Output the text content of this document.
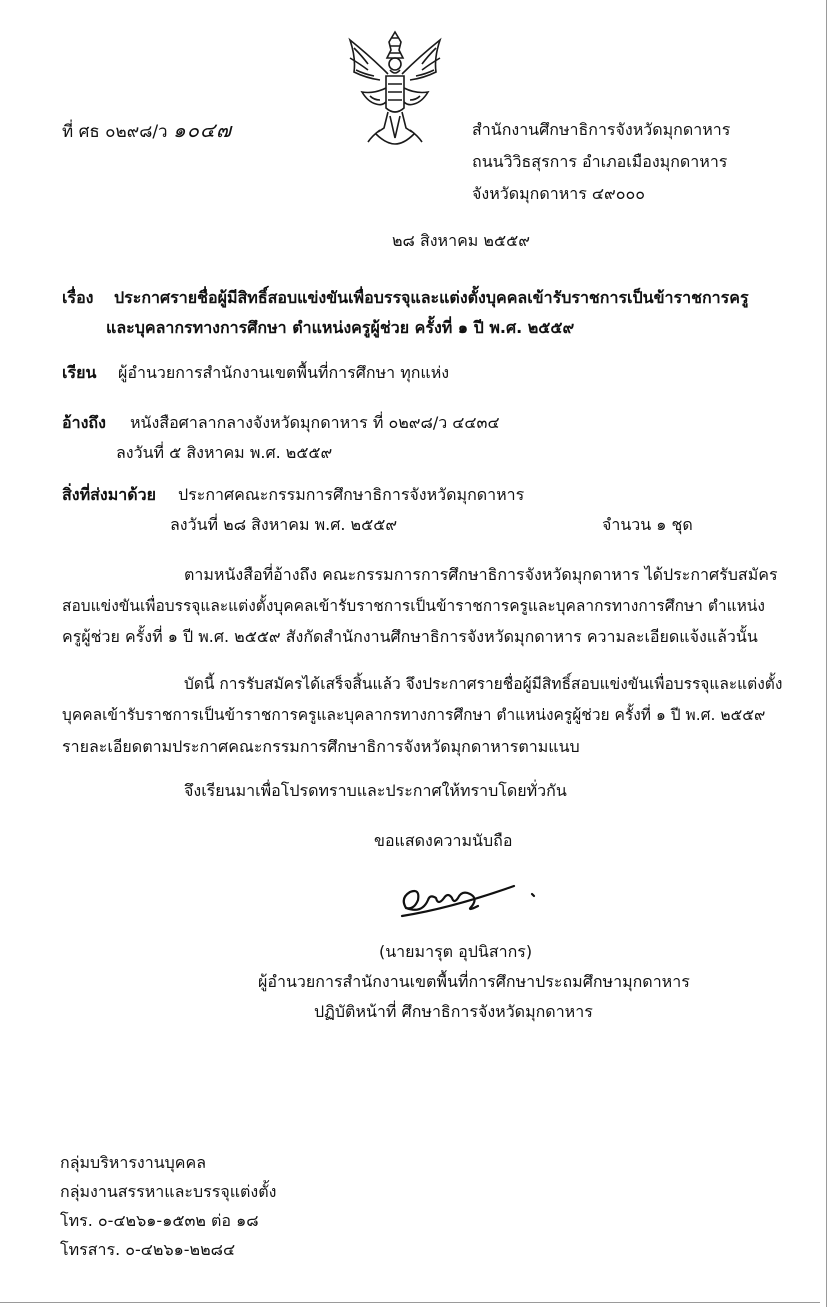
ที่ ศธ ๐๒๙๘/ว ๑๐๔๗	สำนักงานศึกษาธิการจังหวัดมุกดาหาร
ถนนวิวิธสุรการ อำเภอเมืองมุกดาหาร
จังหวัดมุกดาหาร ๔๙๐๐๐
๒๘ สิงหาคม ๒๕๕๙
เรื่อง ประกาศรายชื่อผู้มีสิทธิ์สอบแข่งขันเพื่อบรรจุและแต่งตั้งบุคคลเข้ารับราชการเป็นข้าราชการครู
และบุคลากรทางการศึกษา ตำแหน่งครูผู้ช่วย ครั้งที่ ๑ ปี พ.ศ. ๒๕๕๙
เรียน ผู้อำนวยการสำนักงานเขตพื้นที่การศึกษา ทุกแห่ง
อ้างถึง หนังสือศาลากลางจังหวัดมุกดาหาร ที่ ๐๒๙๘/ว ๔๔๓๔
ลงวันที่ ๕ สิงหาคม พ.ศ. ๒๕๕๙
สิ่งที่ส่งมาด้วย ประกาศคณะกรรมการศึกษาธิการจังหวัดมุกดาหาร
ลงวันที่ ๒๘ สิงหาคม พ.ศ. ๒๕๕๙	จำนวน ๑ ชุด
ตามหนังสือที่อ้างถึง คณะกรรมการการศึกษาธิการจังหวัดมุกดาหาร ได้ประกาศรับสมัคร
สอบแข่งขันเพื่อบรรจุและแต่งตั้งบุคคลเข้ารับราชการเป็นข้าราชการครูและบุคลากรทางการศึกษา ตำแหน่ง
ครูผู้ช่วย ครั้งที่ ๑ ปี พ.ศ. ๒๕๕๙ สังกัดสำนักงานศึกษาธิการจังหวัดมุกดาหาร ความละเอียดแจ้งแล้วนั้น
บัดนี้ การรับสมัครได้เสร็จสิ้นแล้ว จึงประกาศรายชื่อผู้มีสิทธิ์สอบแข่งขันเพื่อบรรจุและแต่งตั้ง
บุคคลเข้ารับราชการเป็นข้าราชการครูและบุคลากรทางการศึกษา ตำแหน่งครูผู้ช่วย ครั้งที่ ๑ ปี พ.ศ. ๒๕๕๙
รายละเอียดตามประกาศคณะกรรมการศึกษาธิการจังหวัดมุกดาหารตามแนบ
จึงเรียนมาเพื่อโปรดทราบและประกาศให้ทราบโดยทั่วกัน
ขอแสดงความนับถือ
(นายมารุต อุปนิสากร)
ผู้อำนวยการสำนักงานเขตพื้นที่การศึกษาประถมศึกษามุกดาหาร
ปฏิบัติหน้าที่ ศึกษาธิการจังหวัดมุกดาหาร
กลุ่มบริหารงานบุคคล
กลุ่มงานสรรหาและบรรจุแต่งตั้ง
โทร. ๐-๔๒๖๑-๑๕๓๒ ต่อ ๑๘
โทรสาร. ๐-๔๒๖๑-๒๒๘๔
